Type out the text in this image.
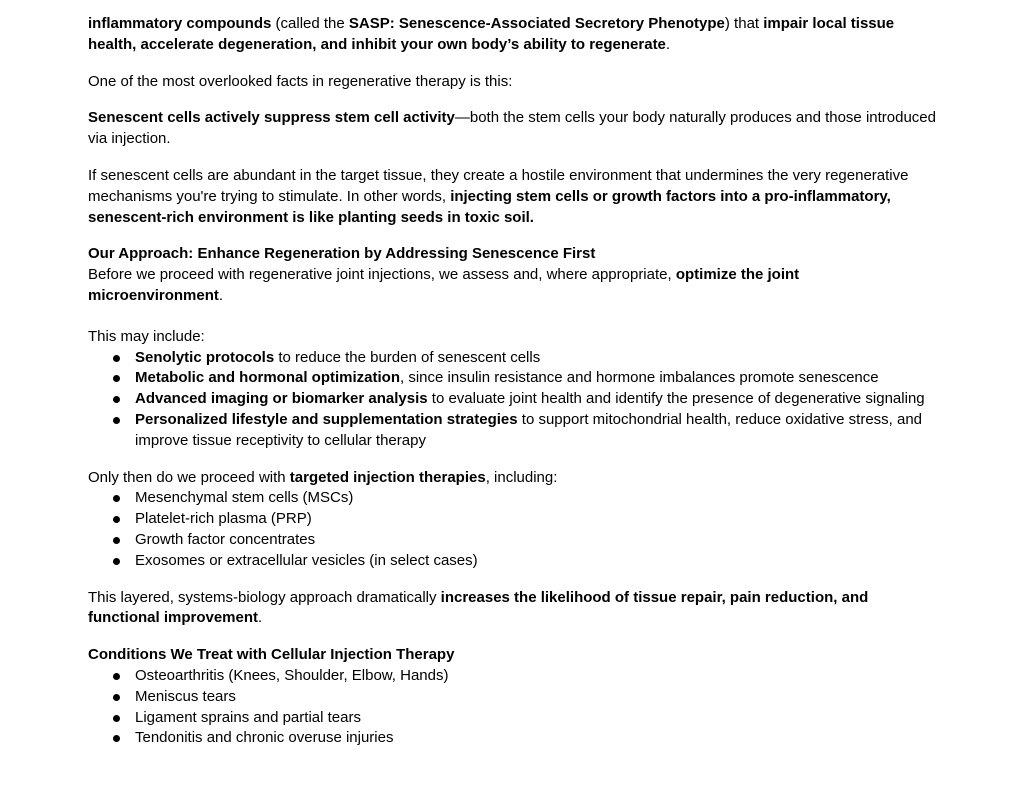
inflammatory compounds (called the SASP: Senescence-Associated Secretory Phenotype) that impair local tissue health, accelerate degeneration, and inhibit your own body’s ability to regenerate.

One of the most overlooked facts in regenerative therapy is this:

Senescent cells actively suppress stem cell activity—both the stem cells your body naturally produces and those introduced via injection.

If senescent cells are abundant in the target tissue, they create a hostile environment that undermines the very regenerative mechanisms you're trying to stimulate. In other words, injecting stem cells or growth factors into a pro-inflammatory, senescent-rich environment is like planting seeds in toxic soil.

Our Approach: Enhance Regeneration by Addressing Senescence First

Before we proceed with regenerative joint injections, we assess and, where appropriate, optimize the joint microenvironment.

This may include:

Senolytic protocols to reduce the burden of senescent cells
Metabolic and hormonal optimization, since insulin resistance and hormone imbalances promote senescence
Advanced imaging or biomarker analysis to evaluate joint health and identify the presence of degenerative signaling
Personalized lifestyle and supplementation strategies to support mitochondrial health, reduce oxidative stress, and improve tissue receptivity to cellular therapy

Only then do we proceed with targeted injection therapies, including:

Mesenchymal stem cells (MSCs)
Platelet-rich plasma (PRP)
Growth factor concentrates
Exosomes or extracellular vesicles (in select cases)

This layered, systems-biology approach dramatically increases the likelihood of tissue repair, pain reduction, and functional improvement.

Conditions We Treat with Cellular Injection Therapy

Osteoarthritis (Knees, Shoulder, Elbow, Hands)
Meniscus tears
Ligament sprains and partial tears
Tendonitis and chronic overuse injuries
